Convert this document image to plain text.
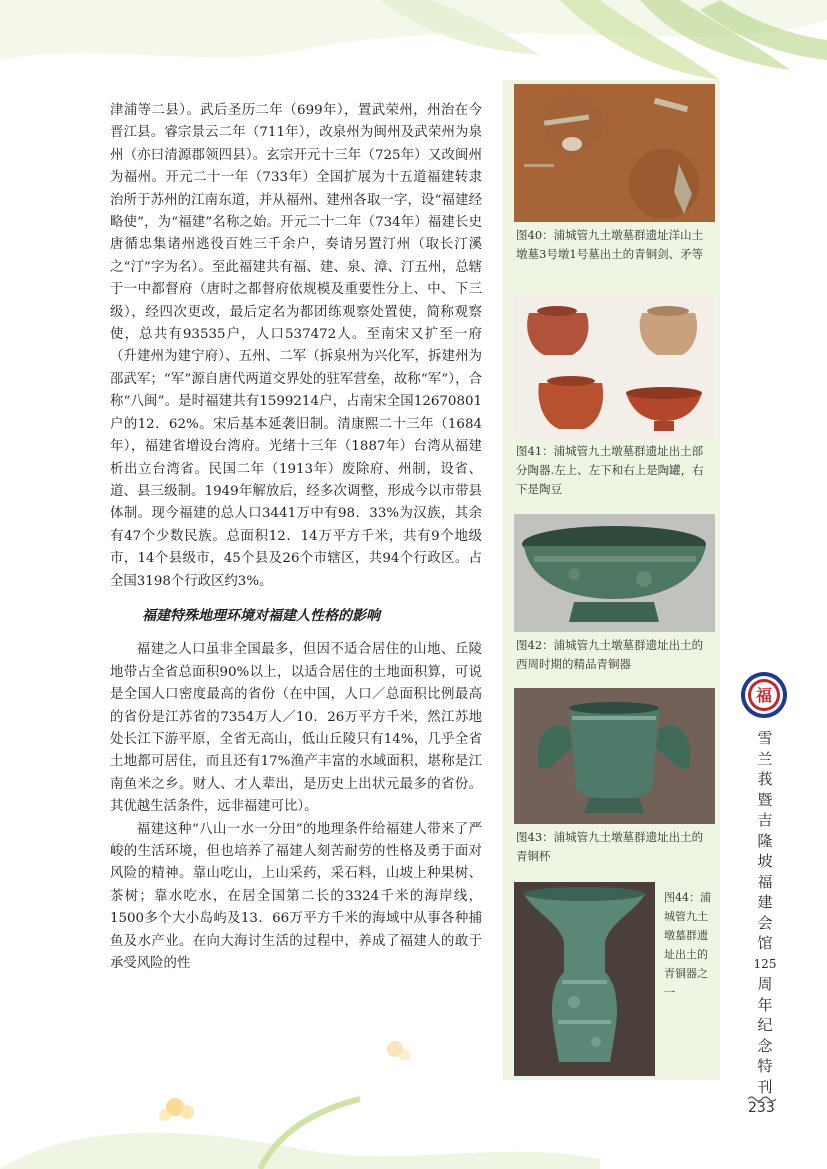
津浦等二县）。武后圣历二年（699年），置武荣州，州治在今晋江县。睿宗景云二年（711年），改泉州为闽州及武荣州为泉州（亦曰清源郡领四县）。玄宗开元十三年（725年）又改闽州为福州。开元二十一年（733年）全国扩展为十五道福建转隶治所于苏州的江南东道，并从福州、建州各取一字，设“福建经略使”，为“福建”名称之始。开元二十二年（734年）福建长史唐循忠集诸州逃役百姓三千余户，奏请另置汀州（取长汀溪之“汀”字为名）。至此福建共有福、建、泉、漳、汀五州，总辖于一中都督府（唐时之都督府依规模及重要性分上、中、下三级），经四次更改，最后定名为都团练观察处置使，简称观察使，总共有93535户，人口537472人。至南宋又扩至一府（升建州为建宁府）、五州、二军（拆泉州为兴化军，拆建州为邵武军；“军”源自唐代两道交界处的驻军营垒，故称“军”），合称“八闽”。是时福建共有1599214户，占南宋全国12670801户的12．62%。宋后基本延袭旧制。清康熙二十三年（1684年），福建省增设台湾府。光绪十三年（1887年）台湾从福建析出立台湾省。民国二年（1913年）废除府、州制，设省、道、县三级制。1949年解放后，经多次调整，形成今以市带县体制。现今福建的总人口3441万中有98．33%为汉族，其余有47个少数民族。总面积12．14万平方千米，共有9个地级市，14个县级市，45个县及26个市辖区，共94个行政区。占全国3198个行政区约3%。

福建特殊地理环境对福建人性格的影响

福建之人口虽非全国最多，但因不适合居住的山地、丘陵地带占全省总面积90%以上，以适合居住的土地面积算，可说是全国人口密度最高的省份（在中国，人口／总面积比例最高的省份是江苏省的7354万人／10．26万平方千米，然江苏地处长江下游平原，全省无高山，低山丘陵只有14%，几乎全省土地都可居住，而且还有17%渔产丰富的水域面积，堪称是江南鱼米之乡。财人、才人辈出，是历史上出状元最多的省份。其优越生活条件，远非福建可比）。

福建这种“八山一水一分田”的地理条件给福建人带来了严峻的生活环境，但也培养了福建人刻苦耐劳的性格及勇于面对风险的精神。靠山吃山，上山采药，采石料，山坡上种果树、茶树；靠水吃水，在居全国第二长的3324千米的海岸线，1500多个大小岛屿及13．66万平方千米的海域中从事各种捕鱼及水产业。在向大海讨生活的过程中，养成了福建人的敢于承受风险的性

图40：浦城管九土墩墓群遗址洋山土墩墓3号墩1号墓出土的青铜剑、矛等
图41：浦城管九土墩墓群遗址出土部分陶器.左上、左下和右上是陶罐，右下是陶豆
图42：浦城管九土墩墓群遗址出土的西周时期的精品青铜器
图43：浦城管九土墩墓群遗址出土的青铜杯
图44：浦城管九土墩墓群遗址出土的青铜器之一
福
雪
兰
莪
暨
吉
隆
坡
福
建
会
馆
125
周
年
纪
念
特
刊
233
